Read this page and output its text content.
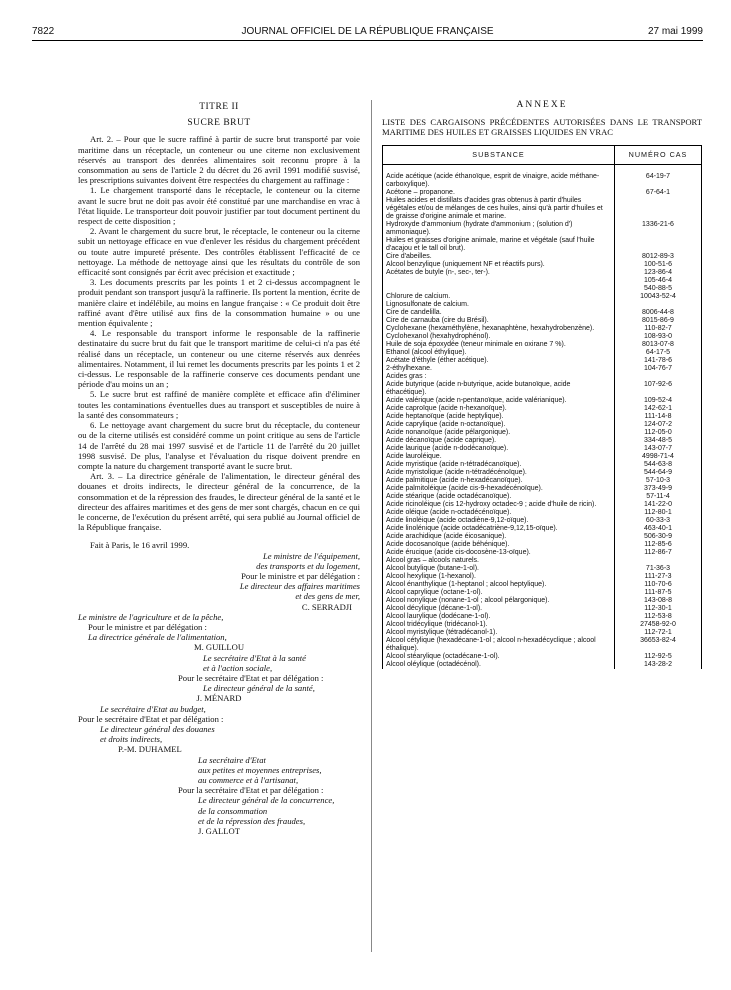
7822	JOURNAL OFFICIEL DE LA RÉPUBLIQUE FRANÇAISE	27 mai 1999
TITRE II
SUCRE BRUT

Art. 2. – Pour que le sucre raffiné à partir de sucre brut transporté par voie maritime dans un réceptacle, un conteneur ou une citerne non exclusivement réservés au transport des denrées alimentaires soit reconnu propre à la consommation au sens de l'article 2 du décret du 26 avril 1991 modifié susvisé, les prescriptions suivantes doivent être respectées du chargement au raffinage :

1. Le chargement transporté dans le réceptacle, le conteneur ou la citerne avant le sucre brut ne doit pas avoir été constitué par une marchandise en vrac à l'état liquide. Le transporteur doit pouvoir justifier par tout document pertinent du respect de cette disposition ;

2. Avant le chargement du sucre brut, le réceptacle, le conteneur ou la citerne subit un nettoyage efficace en vue d'enlever les résidus du chargement précédent ou toute autre impureté présente. Des contrôles établissent l'efficacité de ce nettoyage. La méthode de nettoyage ainsi que les résultats du contrôle de son efficacité sont consignés par écrit avec précision et exactitude ;

3. Les documents prescrits par les points 1 et 2 ci-dessus accompagnent le produit pendant son transport jusqu'à la raffinerie. Ils portent la mention, écrite de manière claire et indélébile, au moins en langue française : « Ce produit doit être raffiné avant d'être utilisé aux fins de la consommation humaine » ou une mention équivalente ;

4. Le responsable du transport informe le responsable de la raffinerie destinataire du sucre brut du fait que le transport maritime de celui-ci n'a pas été réalisé dans un réceptacle, un conteneur ou une citerne réservés aux denrées alimentaires. Notamment, il lui remet les documents prescrits par les points 1 et 2 ci-dessus. Le responsable de la raffinerie conserve ces documents pendant une période d'au moins un an ;

5. Le sucre brut est raffiné de manière complète et efficace afin d'éliminer toutes les contaminations éventuelles dues au transport et susceptibles de nuire à la santé des consommateurs ;

6. Le nettoyage avant chargement du sucre brut du réceptacle, du conteneur ou de la citerne utilisés est considéré comme un point critique au sens de l'article 14 de l'arrêté du 28 mai 1997 susvisé et de l'article 11 de l'arrêté du 20 juillet 1998 susvisé. De plus, l'analyse et l'évaluation du risque doivent prendre en compte la nature du chargement transporté avant le sucre brut.

Art. 3. – La directrice générale de l'alimentation, le directeur général des douanes et droits indirects, le directeur général de la concurrence, de la consommation et de la répression des fraudes, le directeur général de la santé et le directeur des affaires maritimes et des gens de mer sont chargés, chacun en ce qui le concerne, de l'exécution du présent arrêté, qui sera publié au Journal officiel de la République française.

Fait à Paris, le 16 avril 1999.
Le ministre de l'équipement,
des transports et du logement,
Pour le ministre et par délégation :
Le directeur des affaires maritimes
et des gens de mer,
C. SERRADJI
Le ministre de l'agriculture et de la pêche,
Pour le ministre et par délégation :
La directrice générale de l'alimentation,
M. GUILLOU
Le secrétaire d'Etat à la santé
et à l'action sociale,
Pour le secrétaire d'Etat et par délégation :
Le directeur général de la santé,
J. MÉNARD
Le secrétaire d'Etat au budget,
Pour le secrétaire d'Etat et par délégation :
Le directeur général des douanes
et droits indirects,
P.-M. DUHAMEL
La secrétaire d'Etat
aux petites et moyennes entreprises,
au commerce et à l'artisanat,
Pour la secrétaire d'Etat et par délégation :
Le directeur général de la concurrence,
de la consommation
et de la répression des fraudes,
J. GALLOT
ANNEXE
LISTE DES CARGAISONS PRÉCÉDENTES AUTORISÉES DANS LE TRANSPORT MARITIME DES HUILES ET GRAISSES LIQUIDES EN VRAC
SUBSTANCE	NUMÉRO CAS
Acide acétique (acide éthanoïque, esprit de vinaigre, acide méthane-carboxylique).	64-19-7
Acétone – propanone.	67-64-1
Huiles acides et distillats d'acides gras obtenus à partir d'huiles végétales et/ou de mélanges de ces huiles, ainsi qu'à partir d'huiles et de graisse d'origine animale et marine.	
Hydroxyde d'ammonium (hydrate d'ammonium ; (solution d') ammoniaque).	1336-21-6
Huiles et graisses d'origine animale, marine et végétale (sauf l'huile d'acajou et le tall oil brut).	
Cire d'abeilles.	8012-89-3
Alcool benzylique (uniquement NF et réactifs purs).	100-51-6
Acétates de butyle (n-, sec-, ter-).	123-86-4
105-46-4
540-88-5
Chlorure de calcium.	10043-52-4
Lignosulfonate de calcium.	
Cire de candelilla.	8006-44-8
Cire de carnauba (cire du Brésil).	8015-86-9
Cyclohexane (hexaméthylène, hexanaphtène, hexahydrobenzène).	110-82-7
Cyclohexanol (hexahydrophénol).	108-93-0
Huile de soja époxydée (teneur minimale en oxirane 7 %).	8013-07-8
Ethanol (alcool éthylique).	64-17-5
Acétate d'éthyle (éther acétique).	141-78-6
2-éthylhexane.	104-76-7
Acides gras :	
Acide butyrique (acide n-butyrique, acide butanoïque, acide éthacétique).	107-92-6
Acide valérique (acide n-pentanoïque, acide valérianique).	109-52-4
Acide caproïque (acide n-hexanoïque).	142-62-1
Acide heptanoïque (acide heptylique).	111-14-8
Acide caprylique (acide n-octanoïque).	124-07-2
Acide nonanoïque (acide pélargonique).	112-05-0
Acide décanoïque (acide caprique).	334-48-5
Acide laurique (acide n-dodécanoïque).	143-07-7
Acide lauroléique.	4998-71-4
Acide myristique (acide n-tétradécanoïque).	544-63-8
Acide myristolique (acide n-tétradécénoïque).	544-64-9
Acide palmitique (acide n-hexadécanoïque).	57-10-3
Acide palmitoléique (acide cis-9-hexadécénoïque).	373-49-9
Acide stéarique (acide octadécanoïque).	57-11-4
Acide ricinoléique (cis 12-hydroxy octadec-9 ; acide d'huile de ricin).	141-22-0
Acide oléique (acide n-octadécénoïque).	112-80-1
Acide linoléique (acide octadiène-9,12-oïque).	60-33-3
Acide linolénique (acide octadécatriène-9,12,15-oïque).	463-40-1
Acide arachidique (acide éicosanique).	506-30-9
Acide docosanoïque (acide béhénique).	112-85-6
Acide érucique (acide cis-docosène-13-oïque).	112-86-7
Alcool gras – alcools naturels.	
Alcool butylique (butane-1-ol).	71-36-3
Alcool hexylique (1-hexanol).	111-27-3
Alcool énanthylique (1-heptanol ; alcool heptylique).	110-70-6
Alcool caprylique (octane-1-ol).	111-87-5
Alcool nonylique (nonane-1-ol ; alcool pélargonique).	143-08-8
Alcool décylique (décane-1-ol).	112-30-1
Alcool laurylique (dodécane-1-ol).	112-53-8
Alcool tridécylique (tridécanol-1).	27458-92-0
Alcool myristylique (tétradécanol-1).	112-72-1
Alcool cétylique (hexadécane-1-ol ; alcool n-hexadécyclique ; alcool éthalique).	36653-82-4
Alcool stéarylique (octadécane-1-ol).	112-92-5
Alcool oléylique (octadécénol).	143-28-2
